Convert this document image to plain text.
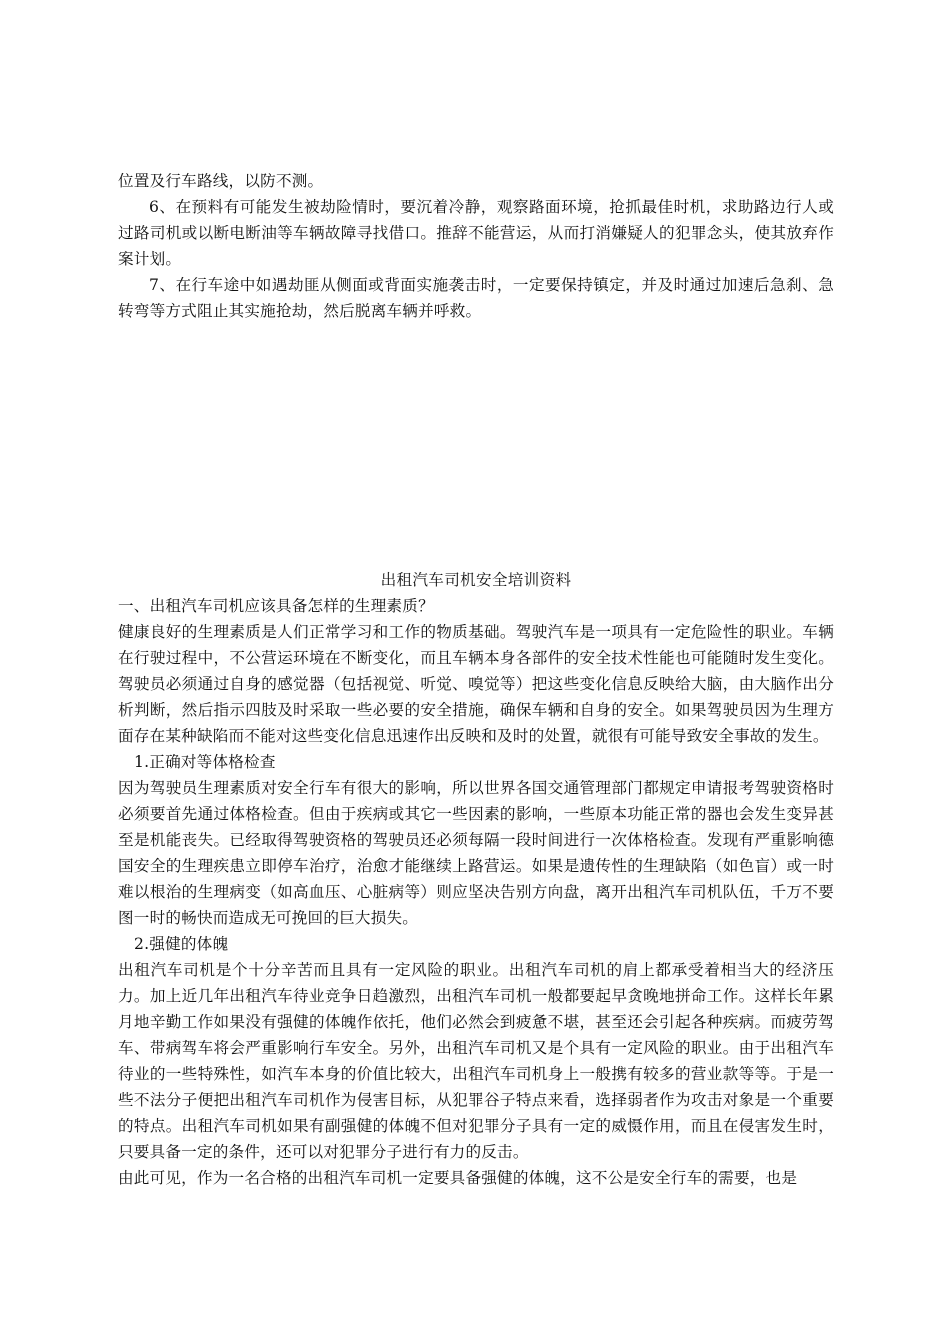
位置及行车路线，以防不测。

6、在预料有可能发生被劫险情时，要沉着冷静，观察路面环境，抢抓最佳时机，求助路边行人或过路司机或以断电断油等车辆故障寻找借口。推辞不能营运，从而打消嫌疑人的犯罪念头，使其放弃作案计划。

7、在行车途中如遇劫匪从侧面或背面实施袭击时，一定要保持镇定，并及时通过加速后急刹、急转弯等方式阻止其实施抢劫，然后脱离车辆并呼救。

出租汽车司机安全培训资料

一、出租汽车司机应该具备怎样的生理素质？

健康良好的生理素质是人们正常学习和工作的物质基础。驾驶汽车是一项具有一定危险性的职业。车辆在行驶过程中，不公营运环境在不断变化，而且车辆本身各部件的安全技术性能也可能随时发生变化。驾驶员必须通过自身的感觉器（包括视觉、听觉、嗅觉等）把这些变化信息反映给大脑，由大脑作出分析判断，然后指示四肢及时采取一些必要的安全措施，确保车辆和自身的安全。如果驾驶员因为生理方面存在某种缺陷而不能对这些变化信息迅速作出反映和及时的处置，就很有可能导致安全事故的发生。

1.正确对等体格检查

因为驾驶员生理素质对安全行车有很大的影响，所以世界各国交通管理部门都规定申请报考驾驶资格时必须要首先通过体格检查。但由于疾病或其它一些因素的影响，一些原本功能正常的器也会发生变异甚至是机能丧失。已经取得驾驶资格的驾驶员还必须每隔一段时间进行一次体格检查。发现有严重影响德国安全的生理疾患立即停车治疗，治愈才能继续上路营运。如果是遗传性的生理缺陷（如色盲）或一时难以根治的生理病变（如高血压、心脏病等）则应坚决告别方向盘，离开出租汽车司机队伍，千万不要图一时的畅快而造成无可挽回的巨大损失。

2.强健的体魄

出租汽车司机是个十分辛苦而且具有一定风险的职业。出租汽车司机的肩上都承受着相当大的经济压力。加上近几年出租汽车待业竞争日趋激烈，出租汽车司机一般都要起早贪晚地拼命工作。这样长年累月地辛勤工作如果没有强健的体魄作依托，他们必然会到疲惫不堪，甚至还会引起各种疾病。而疲劳驾车、带病驾车将会严重影响行车安全。另外，出租汽车司机又是个具有一定风险的职业。由于出租汽车待业的一些特殊性，如汽车本身的价值比较大，出租汽车司机身上一般携有较多的营业款等等。于是一些不法分子便把出租汽车司机作为侵害目标，从犯罪谷子特点来看，选择弱者作为攻击对象是一个重要的特点。出租汽车司机如果有副强健的体魄不但对犯罪分子具有一定的威慑作用，而且在侵害发生时，只要具备一定的条件，还可以对犯罪分子进行有力的反击。

由此可见，作为一名合格的出租汽车司机一定要具备强健的体魄，这不公是安全行车的需要，也是
